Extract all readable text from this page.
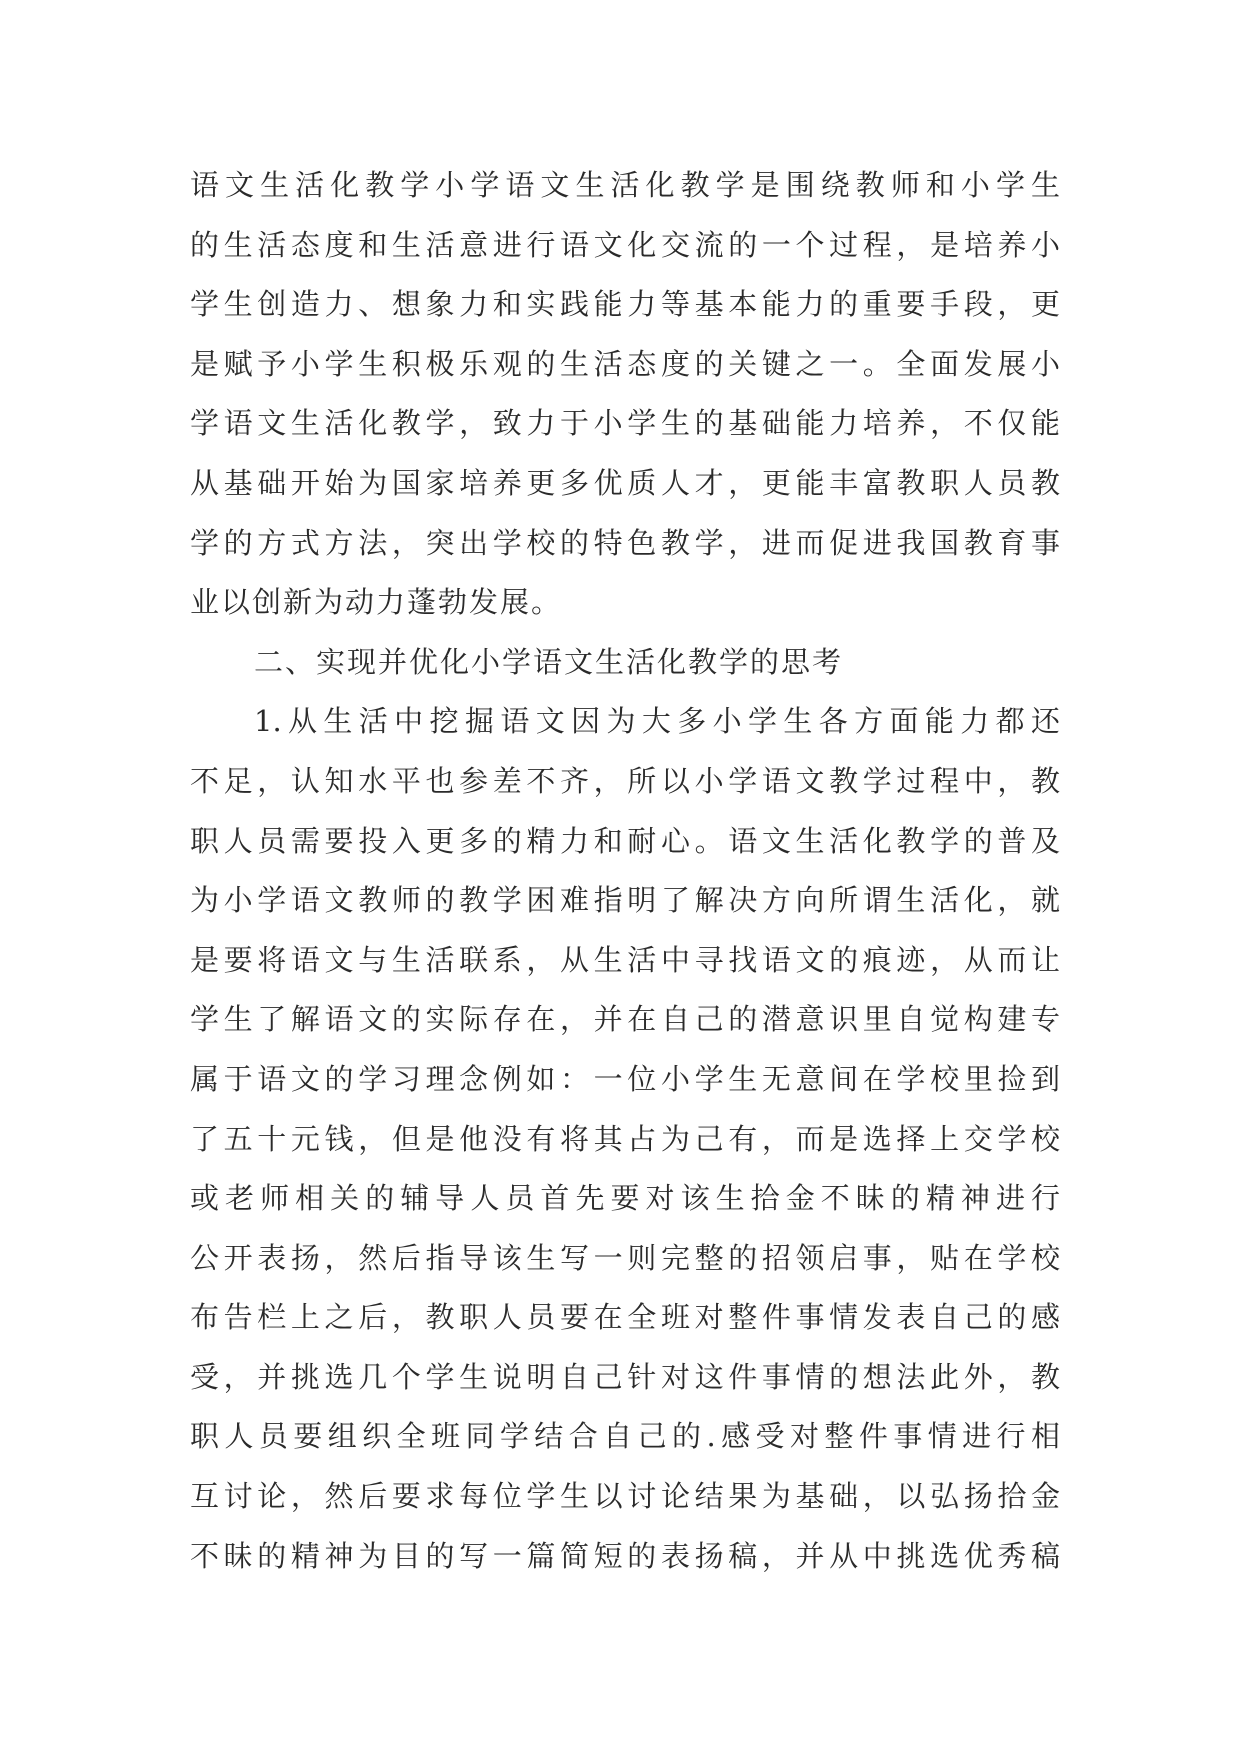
语文生活化教学小学语文生活化教学是围绕教师和小学生
的生活态度和生活意进行语文化交流的一个过程，是培养小
学生创造力、想象力和实践能力等基本能力的重要手段，更
是赋予小学生积极乐观的生活态度的关键之一。全面发展小
学语文生活化教学，致力于小学生的基础能力培养，不仅能
从基础开始为国家培养更多优质人才，更能丰富教职人员教
学的方式方法，突出学校的特色教学，进而促进我国教育事
业以创新为动力蓬勃发展。
二、实现并优化小学语文生活化教学的思考
1.从生活中挖掘语文因为大多小学生各方面能力都还
不足，认知水平也参差不齐，所以小学语文教学过程中，教
职人员需要投入更多的精力和耐心。语文生活化教学的普及
为小学语文教师的教学困难指明了解决方向所谓生活化，就
是要将语文与生活联系，从生活中寻找语文的痕迹，从而让
学生了解语文的实际存在，并在自己的潜意识里自觉构建专
属于语文的学习理念例如：一位小学生无意间在学校里捡到
了五十元钱，但是他没有将其占为己有，而是选择上交学校
或老师相关的辅导人员首先要对该生拾金不昧的精神进行
公开表扬，然后指导该生写一则完整的招领启事，贴在学校
布告栏上之后，教职人员要在全班对整件事情发表自己的感
受，并挑选几个学生说明自己针对这件事情的想法此外，教
职人员要组织全班同学结合自己的.感受对整件事情进行相
互讨论，然后要求每位学生以讨论结果为基础，以弘扬拾金
不昧的精神为目的写一篇简短的表扬稿，并从中挑选优秀稿
